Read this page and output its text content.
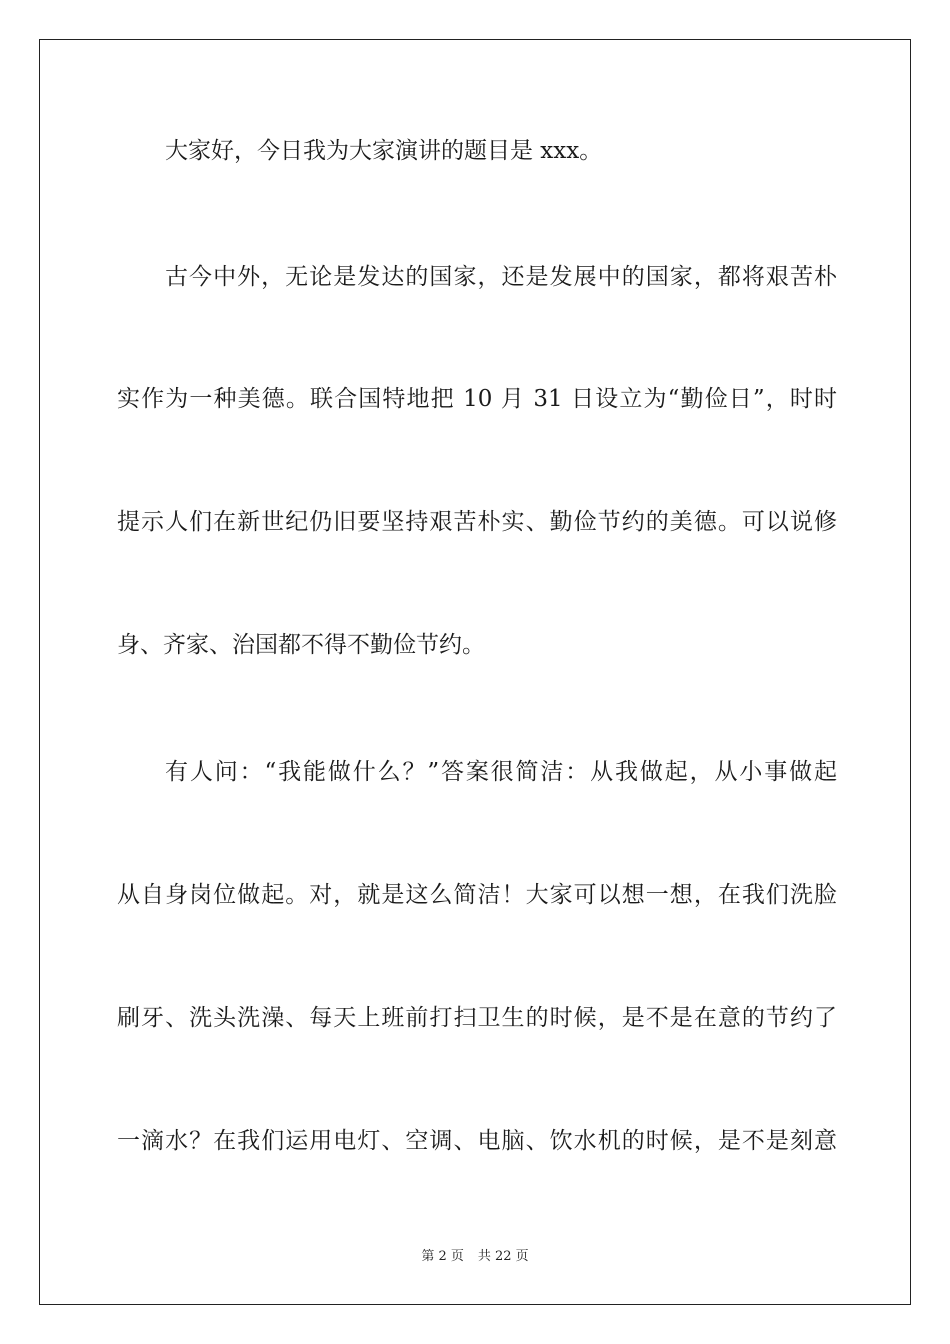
大家好，今日我为大家演讲的题目是 xxx。
古今中外，无论是发达的国家，还是发展中的国家，都将艰苦朴
实作为一种美德。联合国特地把 10 月 31 日设立为“勤俭日”，时时
提示人们在新世纪仍旧要坚持艰苦朴实、勤俭节约的美德。可以说修
身、齐家、治国都不得不勤俭节约。
有人问：“我能做什么？”答案很简洁：从我做起，从小事做起
从自身岗位做起。对，就是这么简洁！大家可以想一想，在我们洗脸
刷牙、洗头洗澡、每天上班前打扫卫生的时候，是不是在意的节约了
一滴水？在我们运用电灯、空调、电脑、饮水机的时候，是不是刻意
第 2 页 共 22 页
